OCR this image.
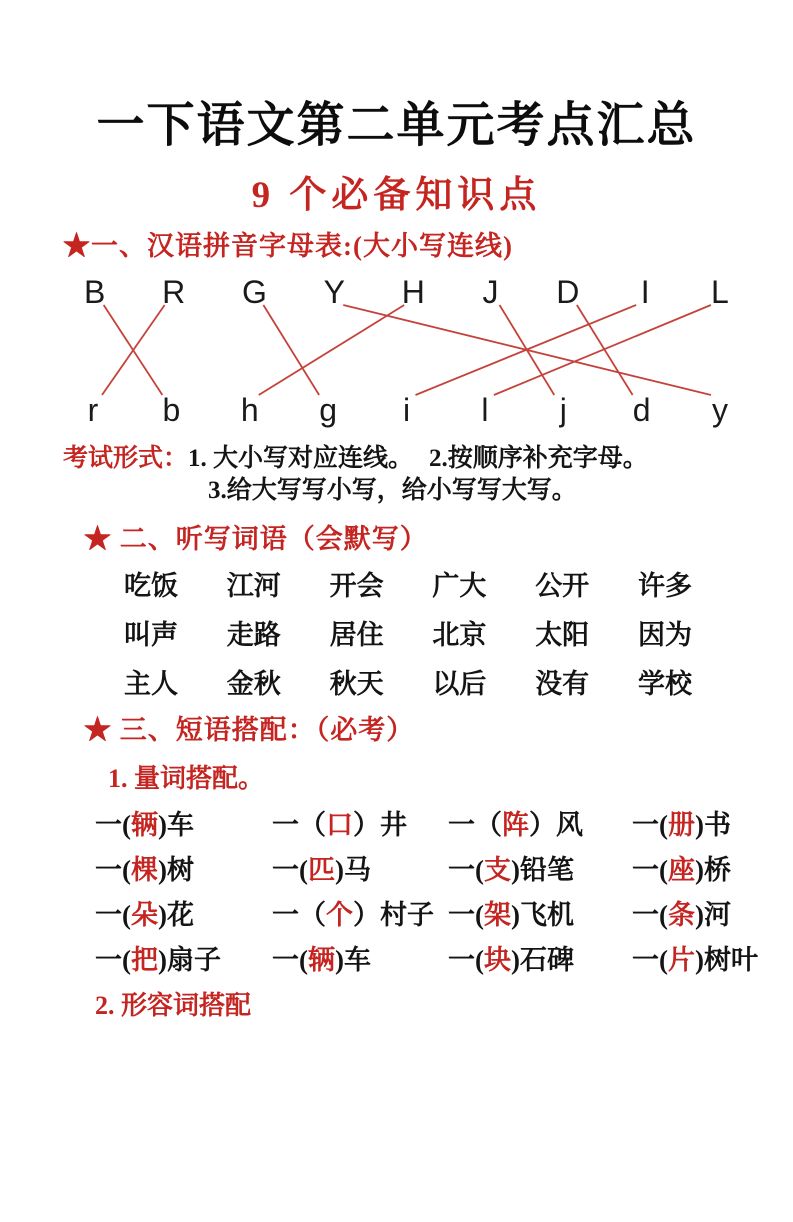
一下语文第二单元考点汇总
9 个必备知识点
★一、汉语拼音字母表:(大小写连线)
B R G Y H J D I L
r b h g i l j d y
考试形式：1. 大小写对应连线。 2.按顺序补充字母。
3.给大写写小写，给小写写大写。
★ 二、听写词语（会默写）
吃饭 江河 开会 广大 公开 许多
叫声 走路 居住 北京 太阳 因为
主人 金秋 秋天 以后 没有 学校
★ 三、短语搭配：（必考）
1. 量词搭配。
一(辆)车	一（口）井	一（阵）风	一(册)书
一(棵)树	一(匹)马	一(支)铅笔	一(座)桥
一(朵)花	一（个）村子 一(架)飞机	一(条)河
一(把)扇子	一(辆)车	一(块)石碑	一(片)树叶
2. 形容词搭配
